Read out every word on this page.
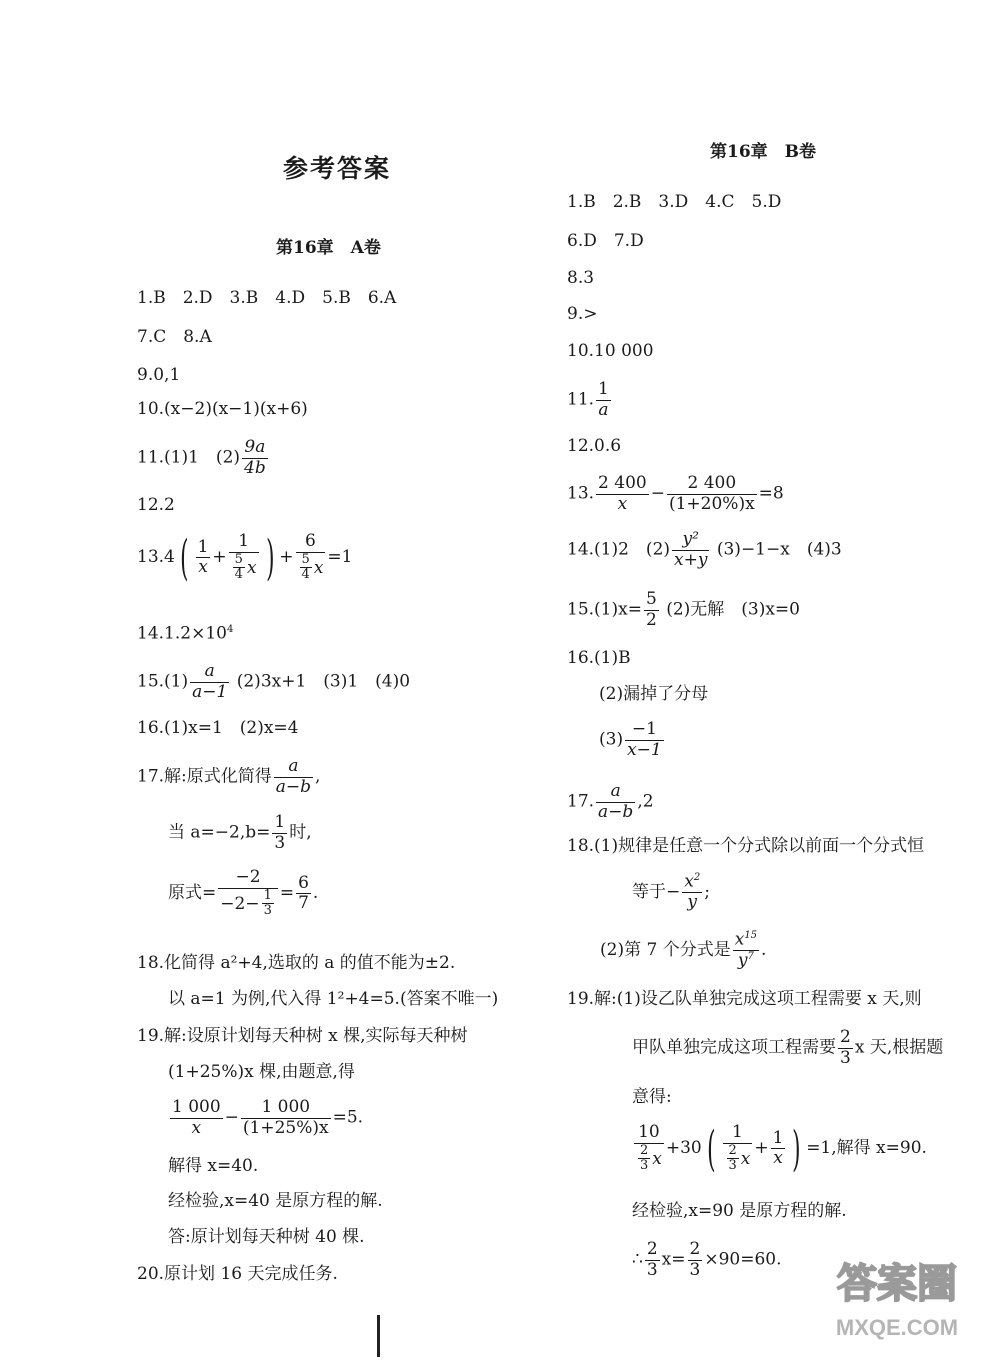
参考答案
第16章　A卷
1.B　2.D　3.B　4.D　5.B　6.A
7.C　8.A
9.0,1
10.(x−2)(x−1)(x+6)
11.(1)1　$(2) \frac{9a}{4b}$
12.2
13.4 ( $\frac{1}{x} + \frac{1}{\frac{5}{4} x}$ ) + $\frac{6}{\frac{5}{4} x} =1$
$14.1.2\times 10^4$
$15.(1) \frac{a}{a-1} (2)3x+1$　(3)1　(4)0
16.(1)x=1　(2)x=4
17.解:原式化简得 $\frac{a}{a-b}$ ,
当 $a=-2,b= \frac{1}{3}$ 时,
原式= $\frac{-2}{-2- \frac{1}{3}} = \frac{6}{7}$ .
18.化简得 a²+4,选取的 a 的值不能为±2.
以 a=1 为例,代入得 1²+4=5.(答案不唯一)
19.解:设原计划每天种树 x 棵,实际每天种树
(1+25%)x 棵,由题意,得
$\frac{1 000}{x} - \frac{1 000}{(1+25\%)x} =5$.
解得 x=40.
经检验,x=40 是原方程的解.
答:原计划每天种树 40 棵.
20.原计划 16 天完成任务.
第16章　B卷
1.B　2.B　3.D　4.C　5.D
6.D　7.D
8.3
9.>
10.10 000
11. $\frac{1}{a}$
12.0.6
13. $\frac{2 400}{x} - \frac{2 400}{(1+20\%)x} =8$
14.(1)2　$(2) \frac{\text{y²}}{x+y} (3)-1-x$　(4)3
$15.(1)x= \frac{5}{2} (2)$无解　(3)x=0
16.(1)B
(2)漏掉了分母
$(3) \frac{-1}{x-1}$
17. $\frac{a}{a-b} ,2$
18.(1)规律是任意一个分式除以前面一个分式恒
等于− $\frac{x^2}{y}$ ;
(2)第 7 个分式是 $\frac{x^{15}}{y^7}$ .
19.解:(1)设乙队单独完成这项工程需要 x 天,则
甲队单独完成这项工程需要 $\frac{2}{3}$ x 天,根据题
意得:
$\frac{10}{\frac{2}{3} x} +30$ ( $\frac{1}{\frac{2}{3} x} + \frac{1}{x}$ ) =1,解得 x=90.
经检验,x=90 是原方程的解.
∴ $\frac{2}{3} x= \frac{2}{3} \times 90=60$.
答案圈
MXQE.COM
